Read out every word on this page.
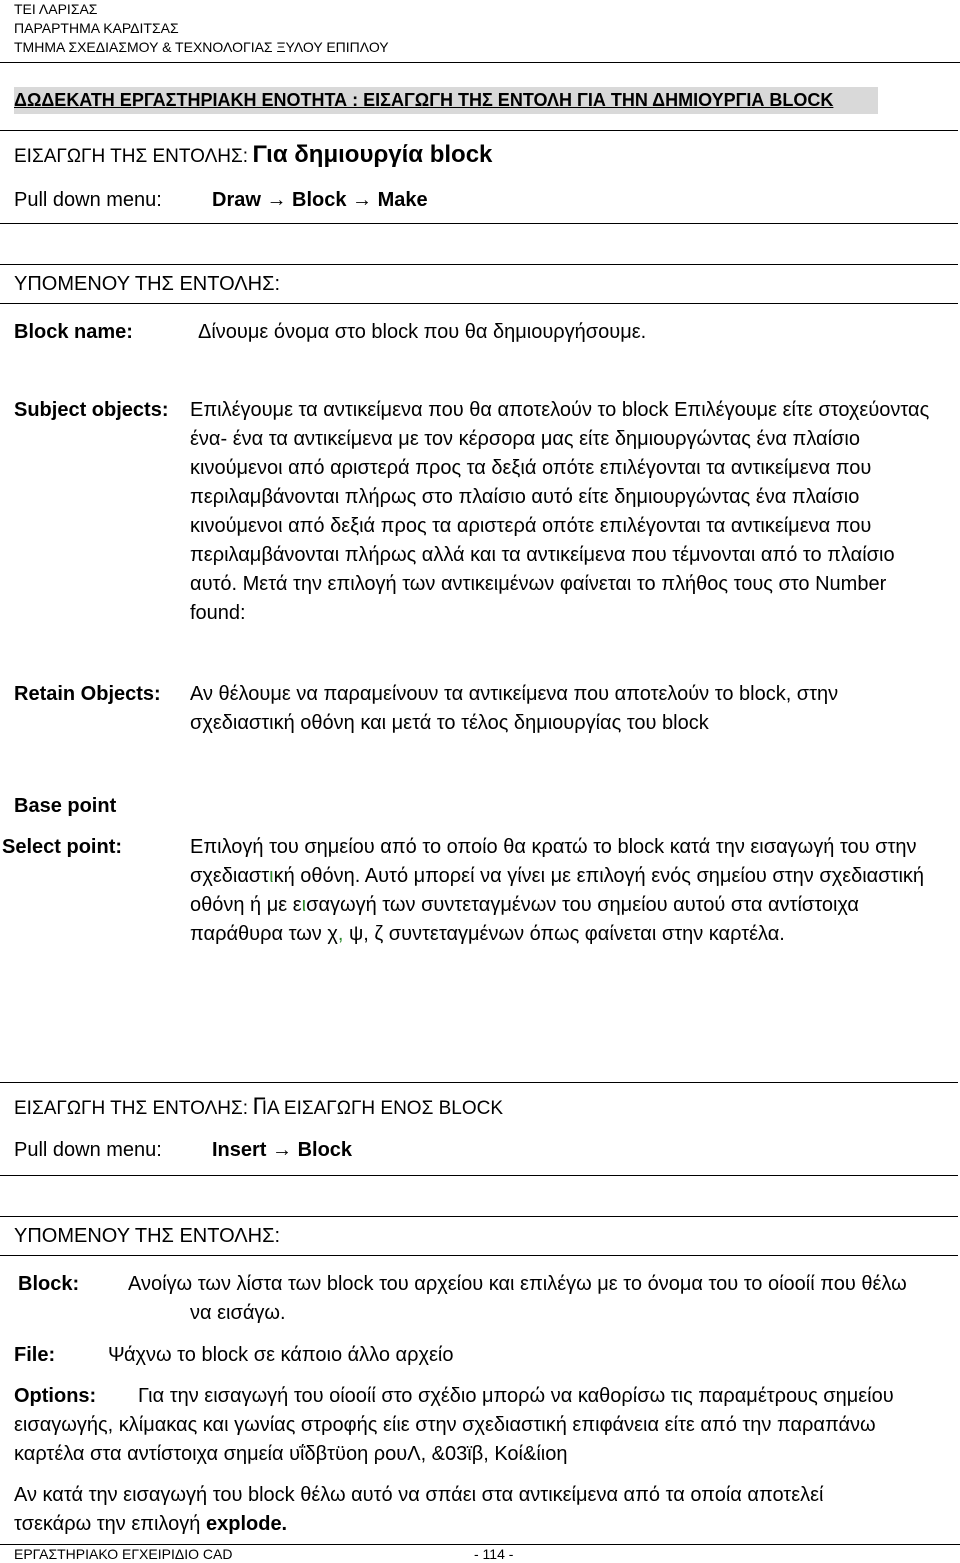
ΤΕΙ ΛΑΡΙΣΑΣ
ΠΑΡΑΡΤΗΜΑ ΚΑΡΔΙΤΣΑΣ
ΤΜΗΜΑ ΣΧΕΔΙΑΣΜΟΥ & ΤΕΧΝΟΛΟΓΙΑΣ ΞΥΛΟΥ ΕΠΙΠΛΟΥ
ΔΩΔΕΚΑΤΗ ΕΡΓΑΣΤΗΡΙΑΚΗ ΕΝΟΤΗΤΑ : ΕΙΣΑΓΩΓΗ ΤΗΣ ΕΝΤΟΛΗ ΓΙΑ ΤΗΝ ΔΗΜΙΟΥΡΓΙΑ BLOCK
ΕΙΣΑΓΩΓΗ ΤΗΣ ΕΝΤΟΛΗΣ: Για δημιουργία block
Pull down menu:	Draw → Block → Make
ΥΠΟΜΕΝΟΥ ΤΗΣ ΕΝΤΟΛΗΣ:
Block name:	Δίνουμε όνομα στο block που θα δημιουργήσουμε.
Subject objects: Επιλέγουμε τα αντικείμενα που θα αποτελούν το block Επιλέγουμε είτε στοχεύοντας ένα- ένα τα αντικείμενα με τον κέρσορα μας είτε δημιουργώντας ένα πλαίσιο κινούμενοι από αριστερά προς τα δεξιά οπότε επιλέγονται τα αντικείμενα που περιλαμβάνονται πλήρως στο πλαίσιο αυτό είτε δημιουργώντας ένα πλαίσιο κινούμενοι από δεξιά προς τα αριστερά οπότε επιλέγονται τα αντικείμενα που περιλαμβάνονται πλήρως αλλά και τα αντικείμενα που τέμνονται από το πλαίσιο αυτό. Μετά την επιλογή των αντικειμένων φαίνεται το πλήθος τους στο Number found:
Retain Objects: Αν θέλουμε να παραμείνουν τα αντικείμενα που αποτελούν το block, στην σχεδιαστική οθόνη και μετά το τέλος δημιουργίας του block
Base point
Select point:	Επιλογή του σημείου από το οποίο θα κρατώ το block κατά την εισαγωγή του στην σχεδιαστική οθόνη. Αυτό μπορεί να γίνει με επιλογή ενός σημείου στην σχεδιαστική οθόνη ή με εισαγωγή των συντεταγμένων του σημείου αυτού στα αντίστοιχα παράθυρα των χ, ψ, ζ συντεταγμένων όπως φαίνεται στην καρτέλα.
ΕΙΣΑΓΩΓΗ ΤΗΣ ΕΝΤΟΛΗΣ: ΓΙΑ ΕΙΣΑΓΩΓΗ ΕΝΟΣ BLOCK
Pull down menu:	Insert → Block
ΥΠΟΜΕΝΟΥ ΤΗΣ ΕΝΤΟΛΗΣ:
Block: Ανοίγω των λίστα των block του αρχείου και επιλέγω με το όνομα του το οίοοίί που θέλω
να εισάγω.
File:	Ψάχνω το block σε κάποιο άλλο αρχείο
Options: Για την εισαγωγή του οίοοίί στο σχέδιο μπορώ να καθορίσω τις παραμέτρους σημείου
εισαγωγής, κλίμακας και γωνίας στροφής είιε στην σχεδιαστική επιφάνεια είτε από την παραπάνω
καρτέλα στα αντίστοιχα σημεία υΐδβτϋοη ρουΛ, &03ϊβ, Κοί&ίιοη
Αν κατά την εισαγωγή του block θέλω αυτό να σπάει στα αντικείμενα από τα οποία αποτελεί
τσεκάρω την επιλογή explode.
ΕΡΓΑΣΤΗΡΙΑΚΟ ΕΓΧΕΙΡΙΔΙΟ CAD	- 114 -
